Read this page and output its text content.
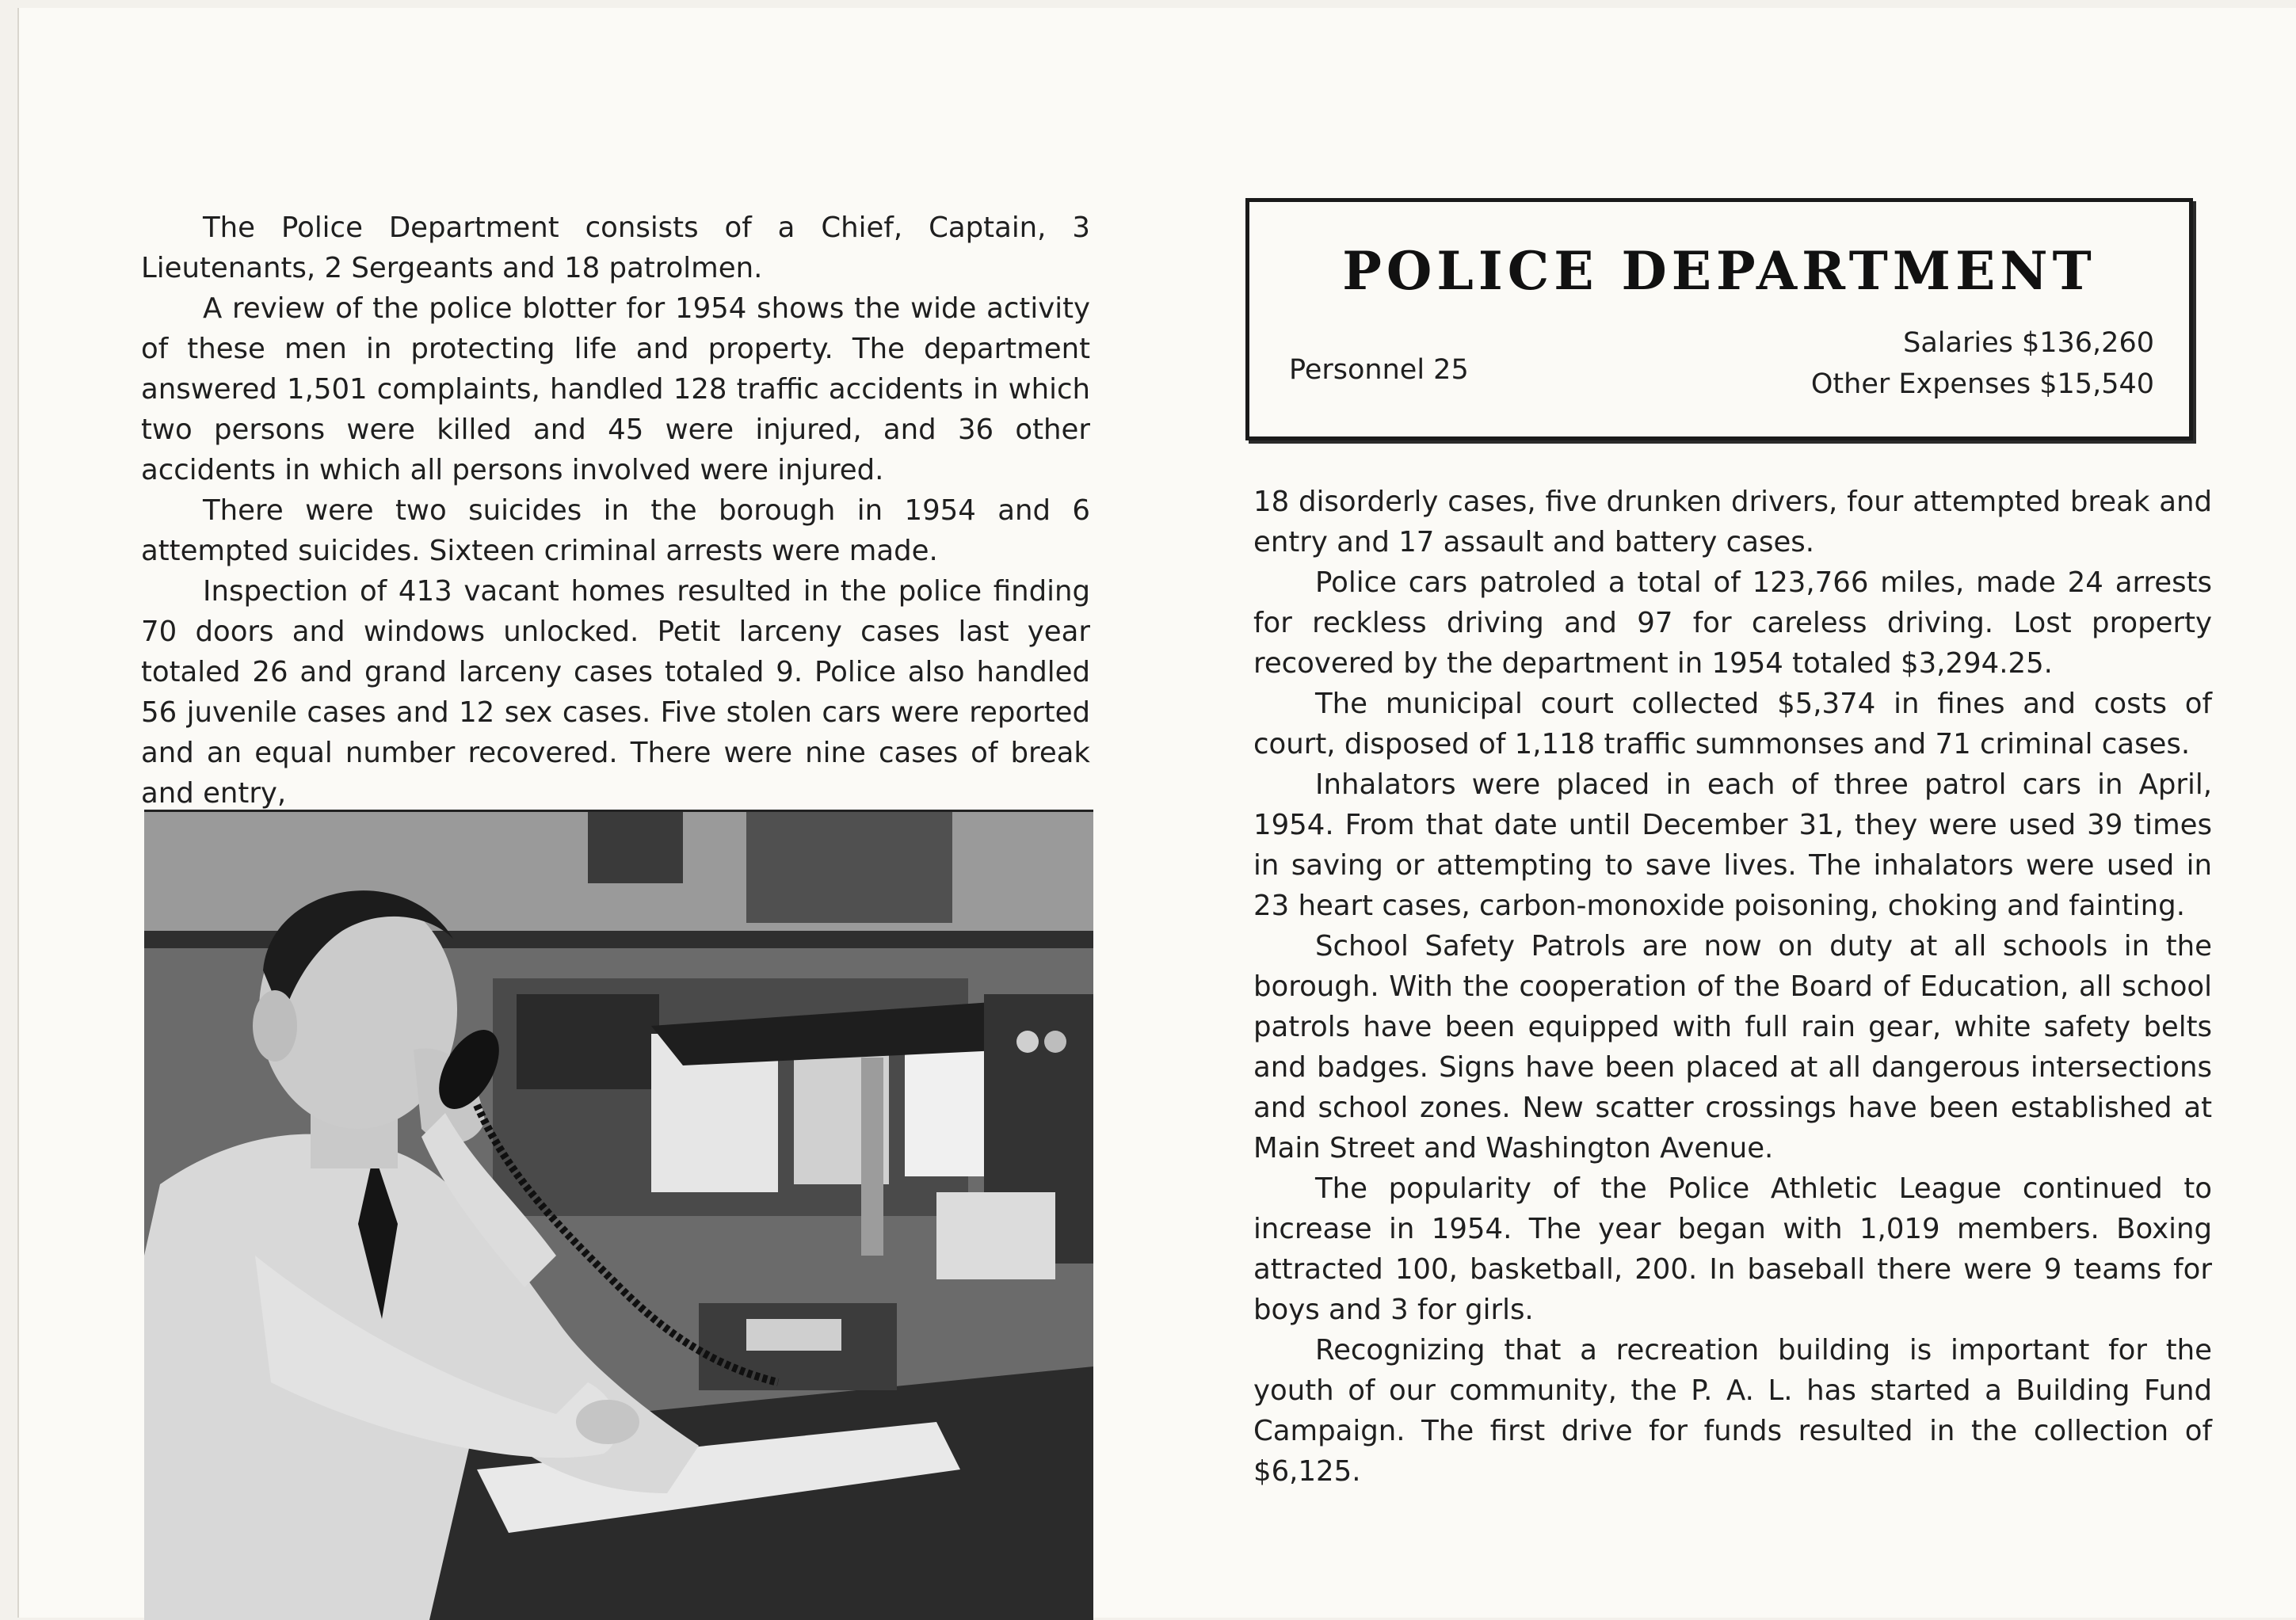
The Police Department consists of a Chief, Captain, 3 Lieutenants, 2 Sergeants and 18 patrolmen.

A review of the police blotter for 1954 shows the wide activity of these men in protecting life and property. The department answered 1,501 complaints, handled 128 traffic accidents in which two persons were killed and 45 were injured, and 36 other accidents in which all persons involved were injured.

There were two suicides in the borough in 1954 and 6 attempted suicides. Sixteen criminal arrests were made.

Inspection of 413 vacant homes resulted in the police finding 70 doors and windows unlocked. Petit larceny cases last year totaled 26 and grand larceny cases totaled 9. Police also handled 56 juvenile cases and 12 sex cases. Five stolen cars were reported and an equal number recovered. There were nine cases of break and entry,

POLICE DEPARTMENT
Personnel 25
Salaries $136,260
Other Expenses $15,540

18 disorderly cases, five drunken drivers, four attempted break and entry and 17 assault and battery cases.

Police cars patroled a total of 123,766 miles, made 24 arrests for reckless driving and 97 for careless driving. Lost property recovered by the department in 1954 totaled $3,294.25.

The municipal court collected $5,374 in fines and costs of court, disposed of 1,118 traffic summonses and 71 criminal cases.

Inhalators were placed in each of three patrol cars in April, 1954. From that date until December 31, they were used 39 times in saving or attempting to save lives. The inhalators were used in 23 heart cases, carbon-monoxide poisoning, choking and fainting.

School Safety Patrols are now on duty at all schools in the borough. With the cooperation of the Board of Education, all school patrols have been equipped with full rain gear, white safety belts and badges. Signs have been placed at all dangerous intersections and school zones. New scatter crossings have been established at Main Street and Washington Avenue.

The popularity of the Police Athletic League continued to increase in 1954. The year began with 1,019 members. Boxing attracted 100, basketball, 200. In baseball there were 9 teams for boys and 3 for girls.

Recognizing that a recreation building is important for the youth of our community, the P. A. L. has started a Building Fund Campaign. The first drive for funds resulted in the collection of $6,125.
